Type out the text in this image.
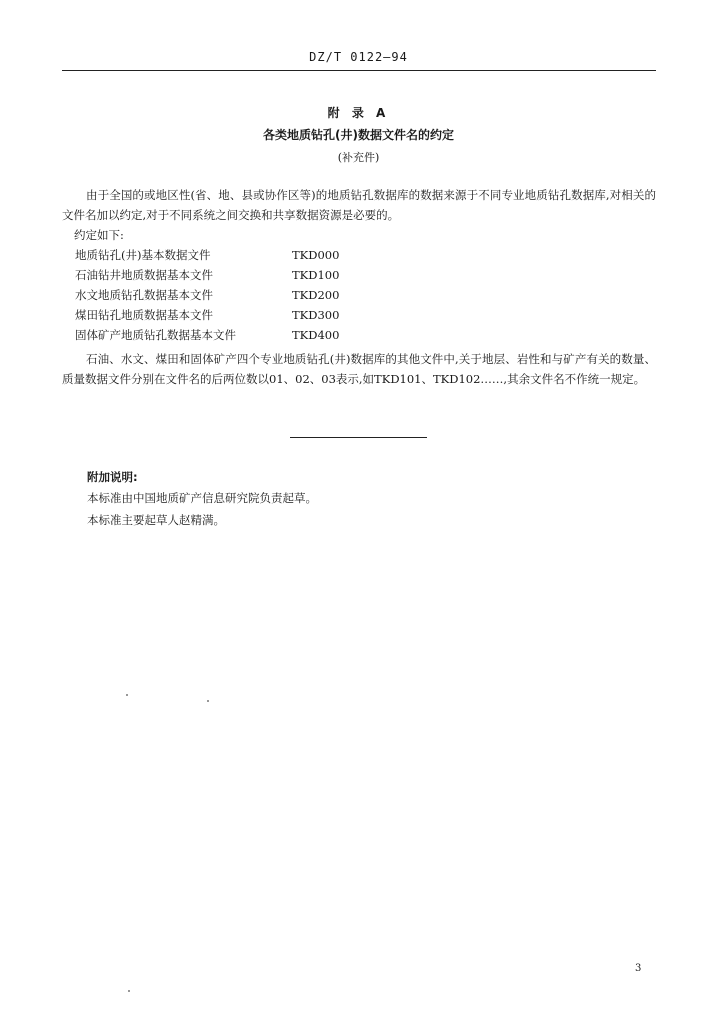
DZ/T 0122—94
附 录 A
各类地质钻孔(井)数据文件名的约定
(补充件)
由于全国的或地区性(省、地、县或协作区等)的地质钻孔数据库的数据来源于不同专业地质钻孔数据库,对相关的文件名加以约定,对于不同系统之间交换和共享数据资源是必要的。
约定如下:
地质钻孔(井)基本数据文件	TKD000
石油钻井地质数据基本文件	TKD100
水文地质钻孔数据基本文件	TKD200
煤田钻孔地质数据基本文件	TKD300
固体矿产地质钻孔数据基本文件	TKD400
石油、水文、煤田和固体矿产四个专业地质钻孔(井)数据库的其他文件中,关于地层、岩性和与矿产有关的数量、质量数据文件分别在文件名的后两位数以01、02、03表示,如TKD101、TKD102……,其余文件名不作统一规定。
附加说明:
本标准由中国地质矿产信息研究院负责起草。
本标准主要起草人赵精满。
3
